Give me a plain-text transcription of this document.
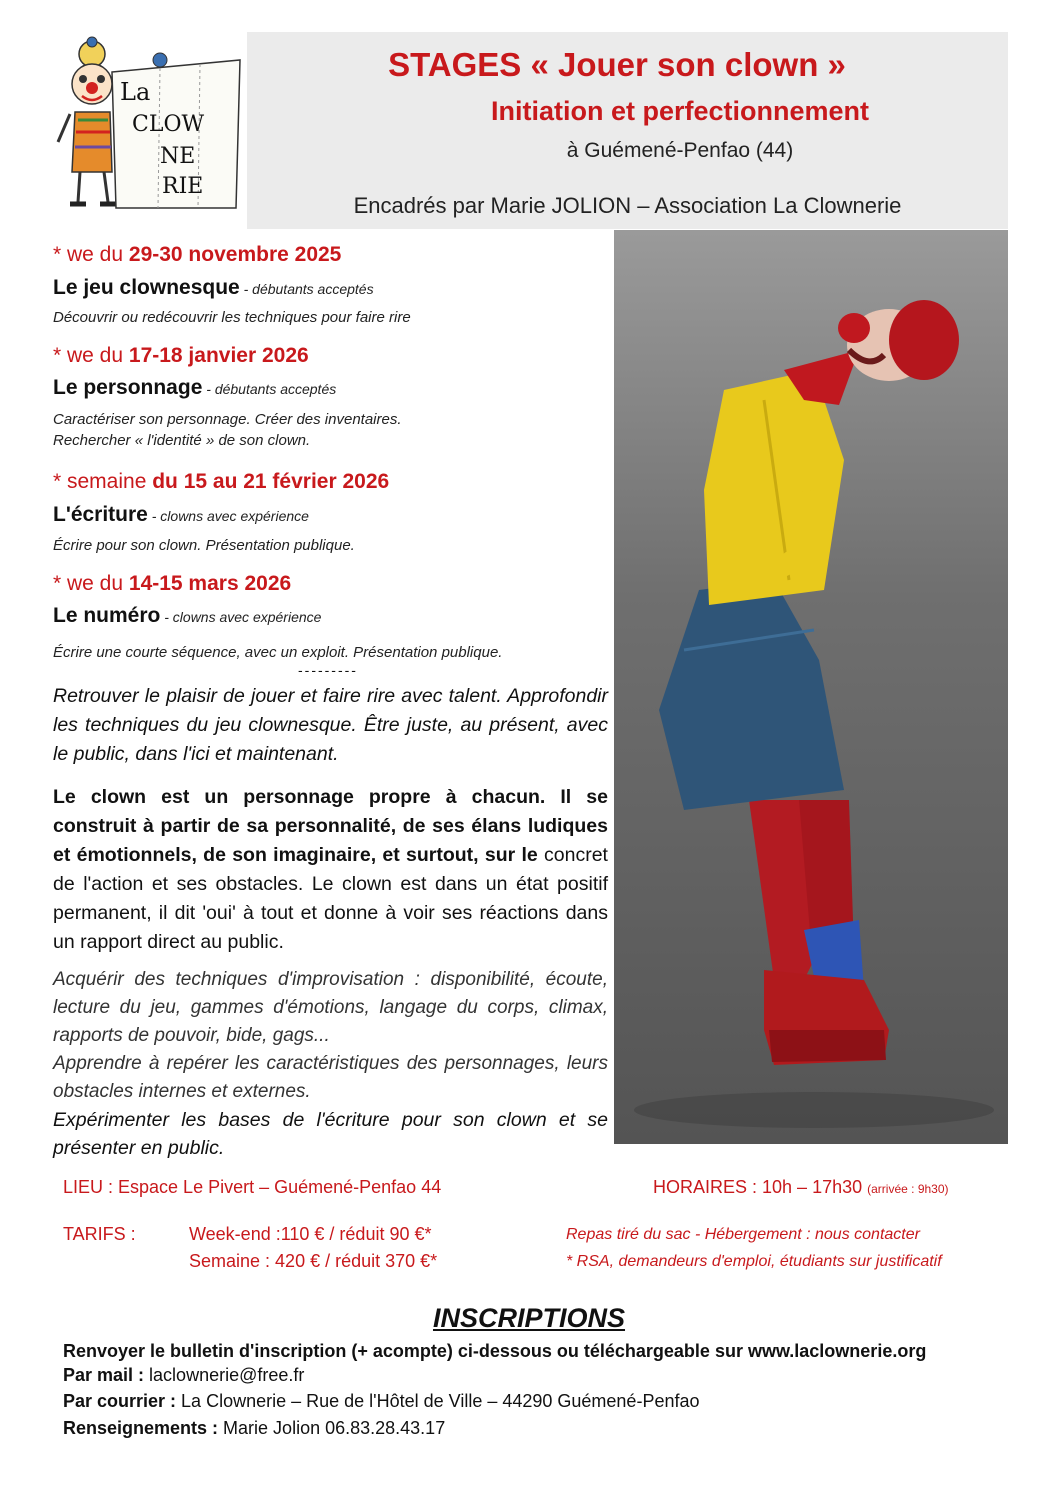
La
CLOW
NE
RIE
STAGES « Jouer son clown »
Initiation et perfectionnement
à Guémené-Penfao (44)
Encadrés par Marie JOLION – Association La Clownerie
* we du 29-30 novembre 2025
Le jeu clownesque - débutants acceptés
Découvrir ou redécouvrir les techniques pour faire rire
* we du 17-18 janvier 2026
Le personnage - débutants acceptés
Caractériser son personnage. Créer des inventaires.
Rechercher « l'identité » de son clown.
* semaine du 15 au 21 février 2026
L'écriture - clowns avec expérience
Écrire pour son clown. Présentation publique.
* we du 14-15 mars 2026
Le numéro - clowns avec expérience
Écrire une courte séquence, avec un exploit. Présentation publique.
---------
Retrouver le plaisir de jouer et faire rire avec talent. Approfondir les techniques du jeu clownesque. Être juste, au présent, avec le public, dans l'ici et maintenant.
Le clown est un personnage propre à chacun. Il se construit à partir de sa personnalité, de ses élans ludiques et émotionnels, de son imaginaire, et surtout, sur le concret de l'action et ses obstacles. Le clown est dans un état positif permanent, il dit 'oui' à tout et donne à voir ses réactions dans un rapport direct au public.
Acquérir des techniques d'improvisation : disponibilité, écoute, lecture du jeu, gammes d'émotions, langage du corps, climax, rapports de pouvoir, bide, gags...
Apprendre à repérer les caractéristiques des personnages, leurs obstacles internes et externes.
Expérimenter les bases de l'écriture pour son clown et se présenter en public.
LIEU : Espace Le Pivert – Guémené-Penfao 44	HORAIRES : 10h – 17h30 (arrivée : 9h30)
TARIFS :	Week-end :110 € / réduit 90 €*
Semaine : 420 € / réduit 370 €*
Repas tiré du sac - Hébergement : nous contacter
* RSA, demandeurs d'emploi, étudiants sur justificatif
INSCRIPTIONS
Renvoyer le bulletin d'inscription (+ acompte) ci-dessous ou téléchargeable sur www.laclownerie.org
Par mail : laclownerie@free.fr
Par courrier : La Clownerie – Rue de l'Hôtel de Ville – 44290 Guémené-Penfao
Renseignements : Marie Jolion 06.83.28.43.17
